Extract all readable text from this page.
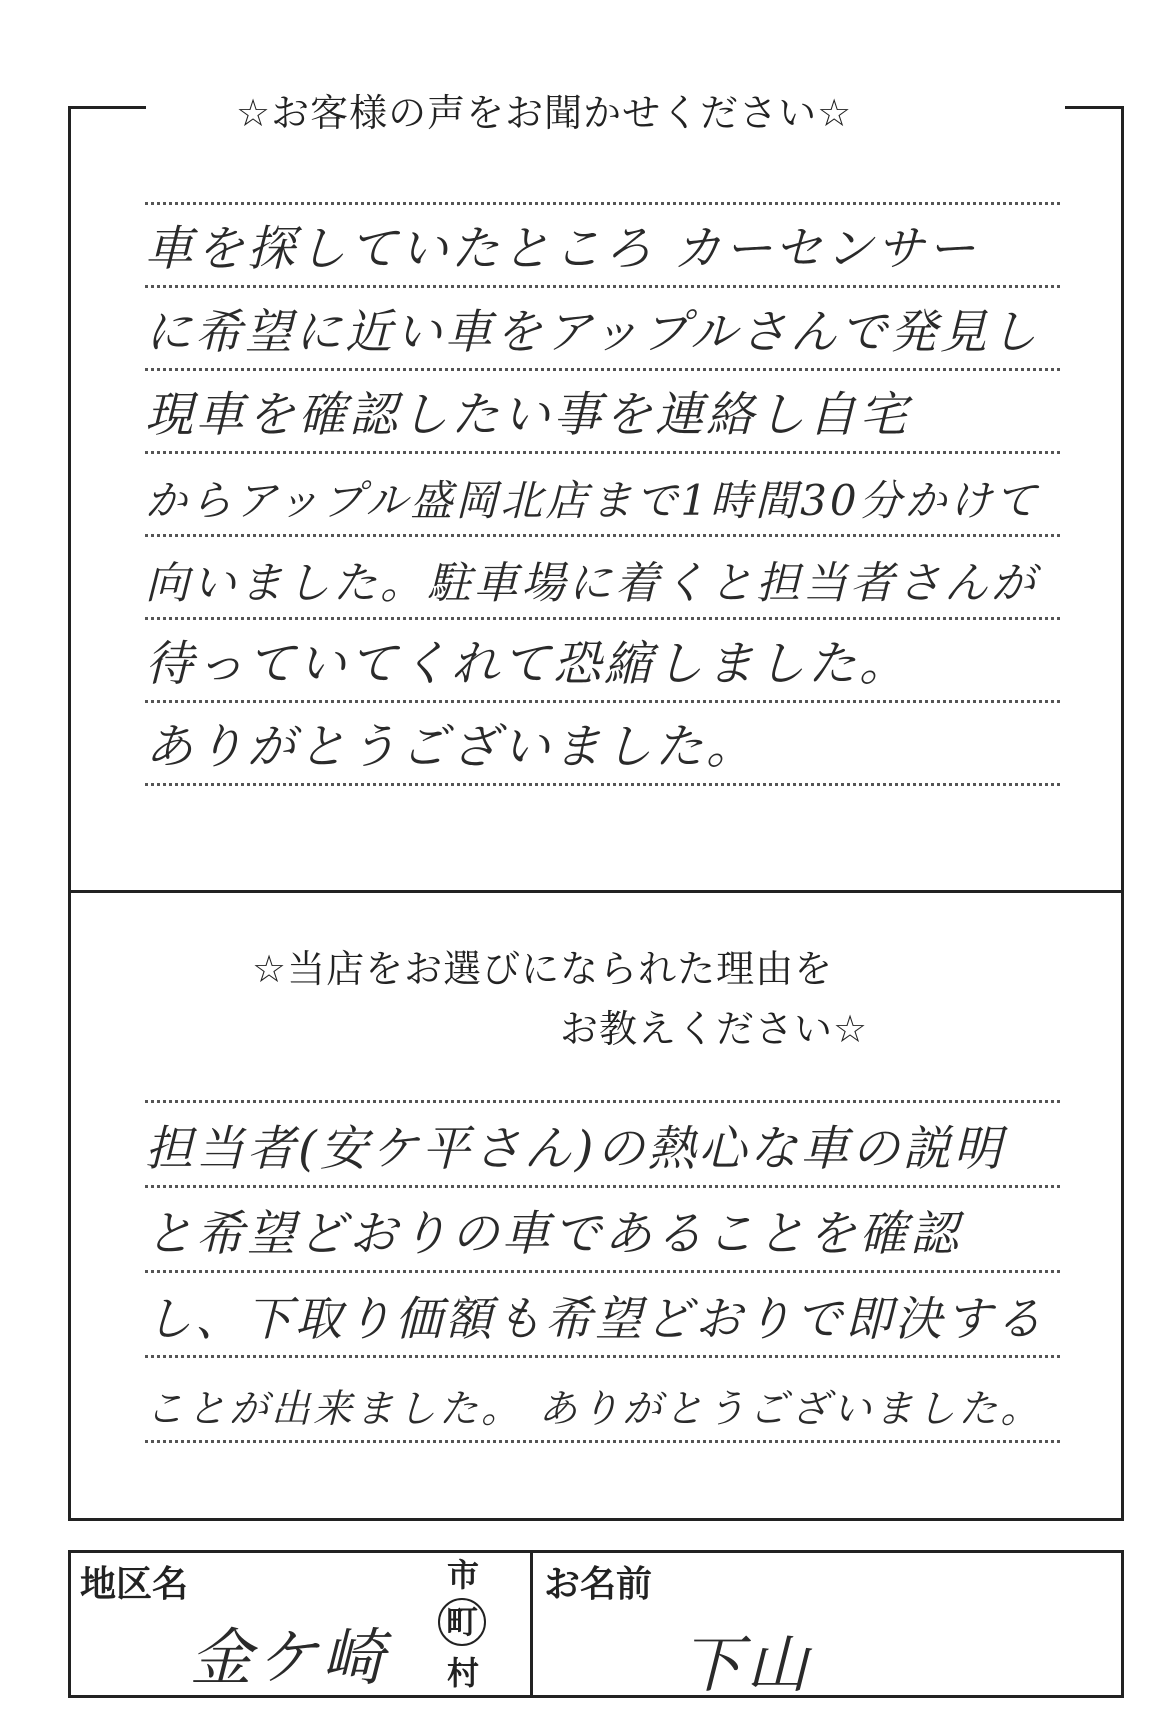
☆お客様の声をお聞かせください☆
車を探していたところ カーセンサー
に希望に近い車をアップルさんで発見し
現車を確認したい事を連絡し自宅
からアップル盛岡北店まで1時間30分かけて
向いました。駐車場に着くと担当者さんが
待っていてくれて恐縮しました。
ありがとうございました。
☆当店をお選びになられた理由を
お教えください☆
担当者(安ケ平さん)の熱心な車の説明
と希望どおりの車であることを確認
し、下取り価額も希望どおりで即決する
ことが出来ました。 ありがとうございました。
地区名
金ケ崎
市
町
村
お名前
下山
